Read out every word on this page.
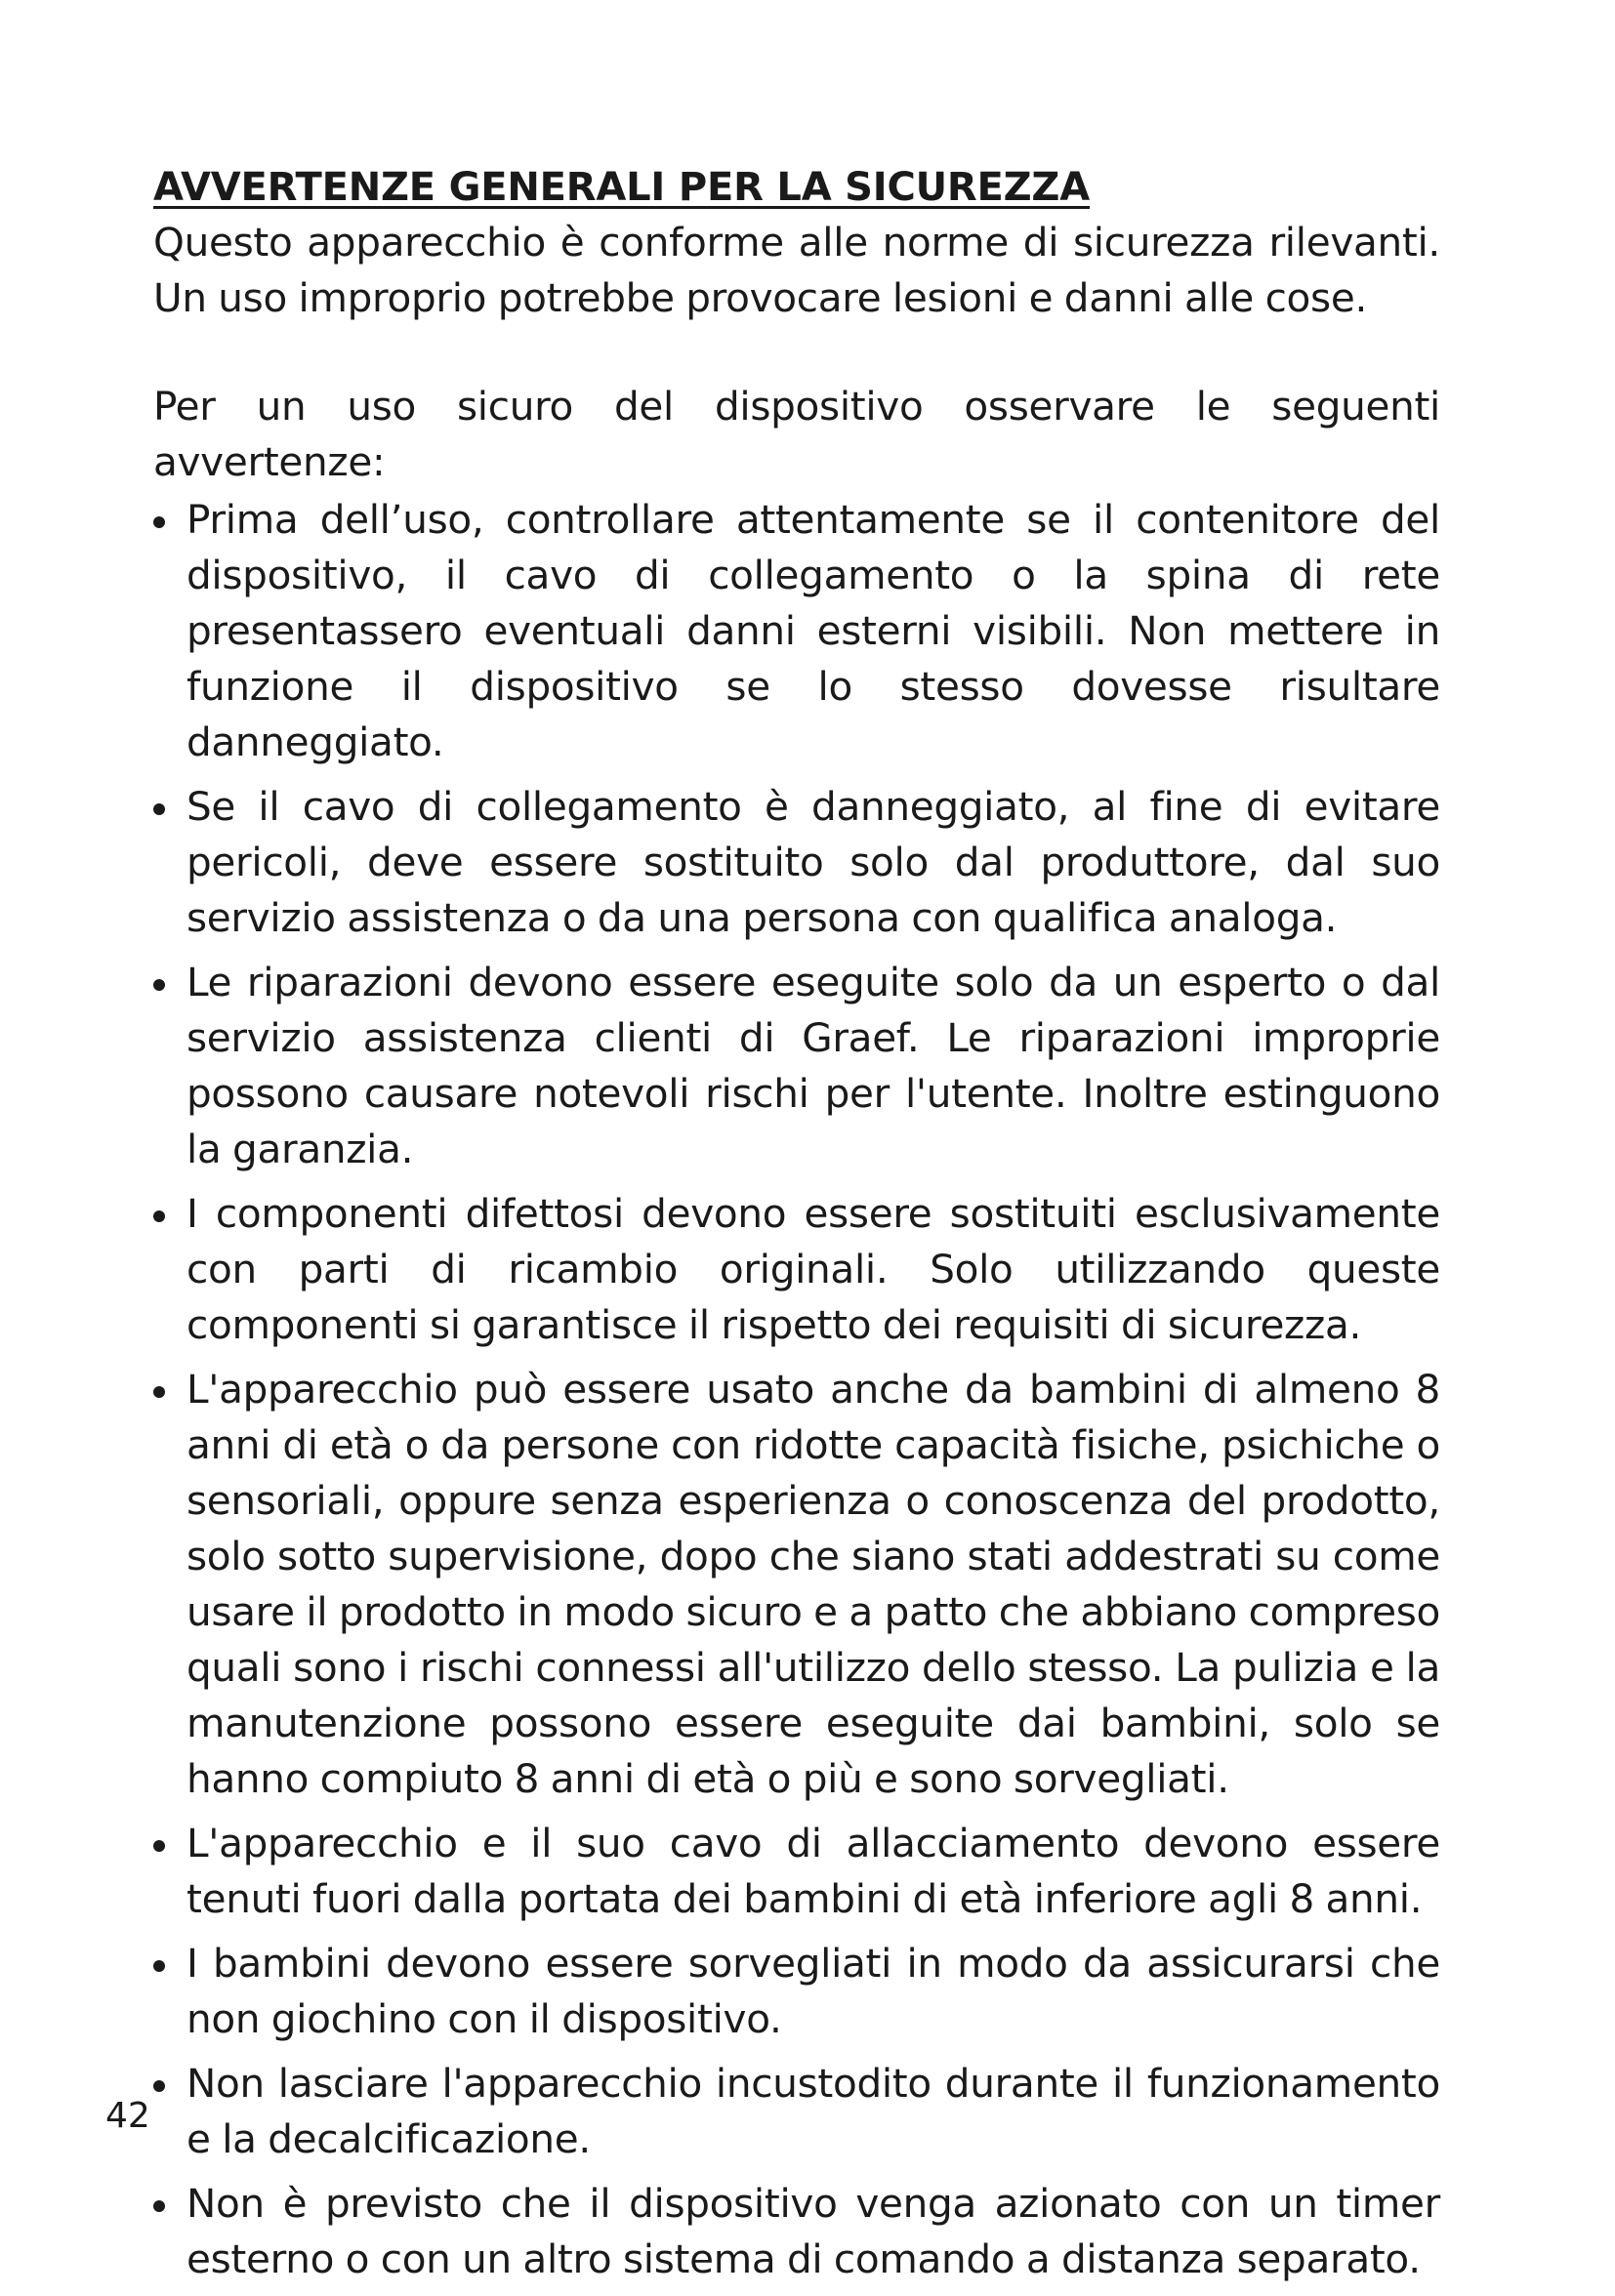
AVVERTENZE GENERALI PER LA SICUREZZA

Questo apparecchio è conforme alle norme di sicurezza rilevanti. Un uso improprio potrebbe provocare lesioni e danni alle cose.

Per un uso sicuro del dispositivo osservare le seguenti avvertenze:

Prima dell’uso, controllare attentamente se il contenitore del dispositivo, il cavo di collegamento o la spina di rete presentassero eventuali danni esterni visibili. Non mettere in funzione il dispositivo se lo stesso dovesse risultare danneggiato.
Se il cavo di collegamento è danneggiato, al fine di evitare pericoli, deve essere sostituito solo dal produttore, dal suo servizio assistenza o da una persona con qualifica analoga.
Le riparazioni devono essere eseguite solo da un esperto o dal servizio assistenza clienti di Graef. Le riparazioni improprie possono causare notevoli rischi per l'utente. Inoltre estinguono la garanzia.
I componenti difettosi devono essere sostituiti esclusivamente con parti di ricambio originali. Solo utilizzando queste componenti si garantisce il rispetto dei requisiti di sicurezza.
L'apparecchio può essere usato anche da bambini di almeno 8 anni di età o da persone con ridotte capacità fisiche, psichiche o sensoriali, oppure senza esperienza o conoscenza del prodotto, solo sotto supervisione, dopo che siano stati addestrati su come usare il prodotto in modo sicuro e a patto che abbiano compreso quali sono i rischi connessi all'utilizzo dello stesso. La pulizia e la manutenzione possono essere eseguite dai bambini, solo se hanno compiuto 8 anni di età o più e sono sorvegliati.
L'apparecchio e il suo cavo di allacciamento devono essere tenuti fuori dalla portata dei bambini di età inferiore agli 8 anni.
I bambini devono essere sorvegliati in modo da assicurarsi che non giochino con il dispositivo.
Non lasciare l'apparecchio incustodito durante il funzionamento e la decalcificazione.
Non è previsto che il dispositivo venga azionato con un timer esterno o con un altro sistema di comando a distanza separato.
42
